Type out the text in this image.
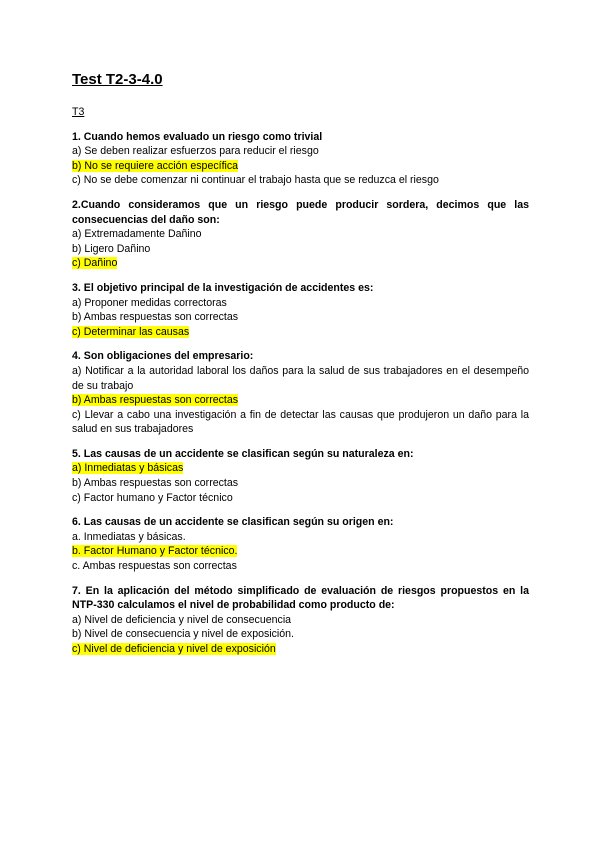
Test T2-3-4.0
T3
1. Cuando hemos evaluado un riesgo como trivial
a) Se deben realizar esfuerzos para reducir el riesgo
b) No se requiere acción específica
c) No se debe comenzar ni continuar el trabajo hasta que se reduzca el riesgo
2.Cuando consideramos que un riesgo puede producir sordera, decimos que las consecuencias del daño son:
a) Extremadamente Dañino
b) Ligero Dañino
c) Dañino
3. El objetivo principal de la investigación de accidentes es:
a) Proponer medidas correctoras
b) Ambas respuestas son correctas
c) Determinar las causas
4. Son obligaciones del empresario:
a) Notificar a la autoridad laboral los daños para la salud de sus trabajadores en el desempeño de su trabajo
b) Ambas respuestas son correctas
c) Llevar a cabo una investigación a fin de detectar las causas que produjeron un daño para la salud en sus trabajadores
5. Las causas de un accidente se clasifican según su naturaleza en:
a) Inmediatas y básicas
b) Ambas respuestas son correctas
c) Factor humano y Factor técnico
6. Las causas de un accidente se clasifican según su origen en:
a. Inmediatas y básicas.
b. Factor Humano y Factor técnico.
c. Ambas respuestas son correctas
7. En la aplicación del método simplificado de evaluación de riesgos propuestos en la NTP-330 calculamos el nivel de probabilidad como producto de:
a) Nivel de deficiencia y nivel de consecuencia
b) Nivel de consecuencia y nivel de exposición.
c) Nivel de deficiencia y nivel de exposición
